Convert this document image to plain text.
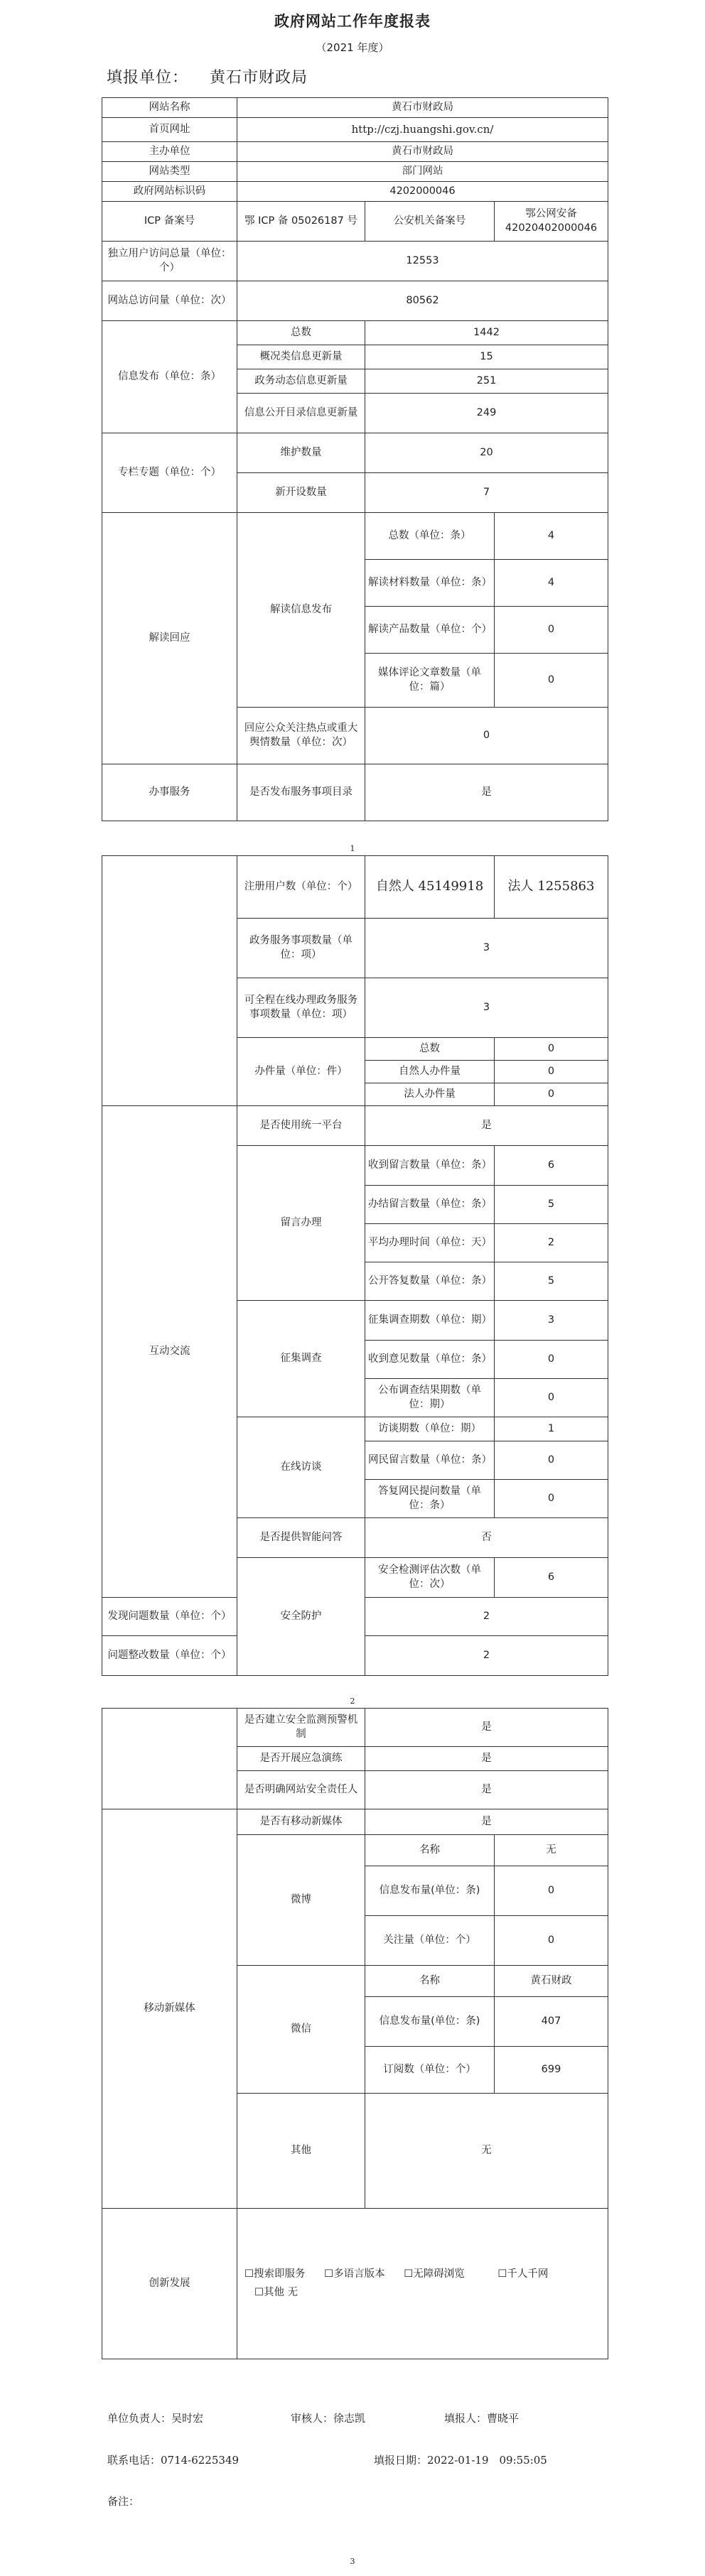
政府网站工作年度报表
（2021 年度）
填报单位： 黄石市财政局
网站名称	黄石市财政局		
首页网址	http://czj.huangshi.gov.cn/		
主办单位	黄石市财政局		
网站类型	部门网站		
政府网站标识码	4202000046		
ICP 备案号	鄂 ICP 备 05026187 号	公安机关备案号	鄂公网安备 42020402000046
独立用户访问总量（单位：个）	12553		
网站总访问量（单位：次）	80562		
信息发布（单位：条）	总数	1442	
	概况类信息更新量	15	
	政务动态信息更新量	251	
	信息公开目录信息更新量	249	
专栏专题（单位：个）	维护数量	20	
	新开设数量	7	
解读回应	解读信息发布	总数（单位：条）	4
		解读材料数量（单位：条）	4
		解读产品数量（单位：个）	0
		媒体评论文章数量（单位：篇）	0
	回应公众关注热点或重大舆情数量（单位：次）	0	
办事服务	是否发布服务事项目录	是	
1
	注册用户数（单位：个）	自然人 45149918	法人 1255863
	政务服务事项数量（单位：项）	3	
	可全程在线办理政务服务事项数量（单位：项）	3	
	办件量（单位：件）	总数	0
		自然人办件量	0
		法人办件量	0
互动交流	是否使用统一平台	是	
	留言办理	收到留言数量（单位：条）	6
		办结留言数量（单位：条）	5
		平均办理时间（单位：天）	2
		公开答复数量（单位：条）	5
	征集调查	征集调查期数（单位：期）	3
		收到意见数量（单位：条）	0
		公布调查结果期数（单位：期）	0
	在线访谈	访谈期数（单位：期）	1
		网民留言数量（单位：条）	0
		答复网民提问数量（单位：条）	0
	是否提供智能问答	否	
	安全防护	安全检测评估次数（单位：次）	6
发现问题数量（单位：个）		2	
问题整改数量（单位：个）		2	
2
	是否建立安全监测预警机制	是	
	是否开展应急演练	是	
	是否明确网站安全责任人	是	
移动新媒体	是否有移动新媒体	是	
	微博	名称	无
		信息发布量(单位：条)	0
		关注量（单位：个）	0
	微信	名称	黄石财政
		信息发布量(单位：条)	407
		订阅数（单位：个）	699
	其他	无	
创新发展	☐搜索即服务 ☐多语言版本 ☐无障碍浏览 ☐千人千网
☐其他 无		
单位负责人：吴时宏	审核人：徐志凯	填报人：曹晓平
联系电话：0714-6225349	填报日期：2022-01-19　09:55:05
备注：
3
